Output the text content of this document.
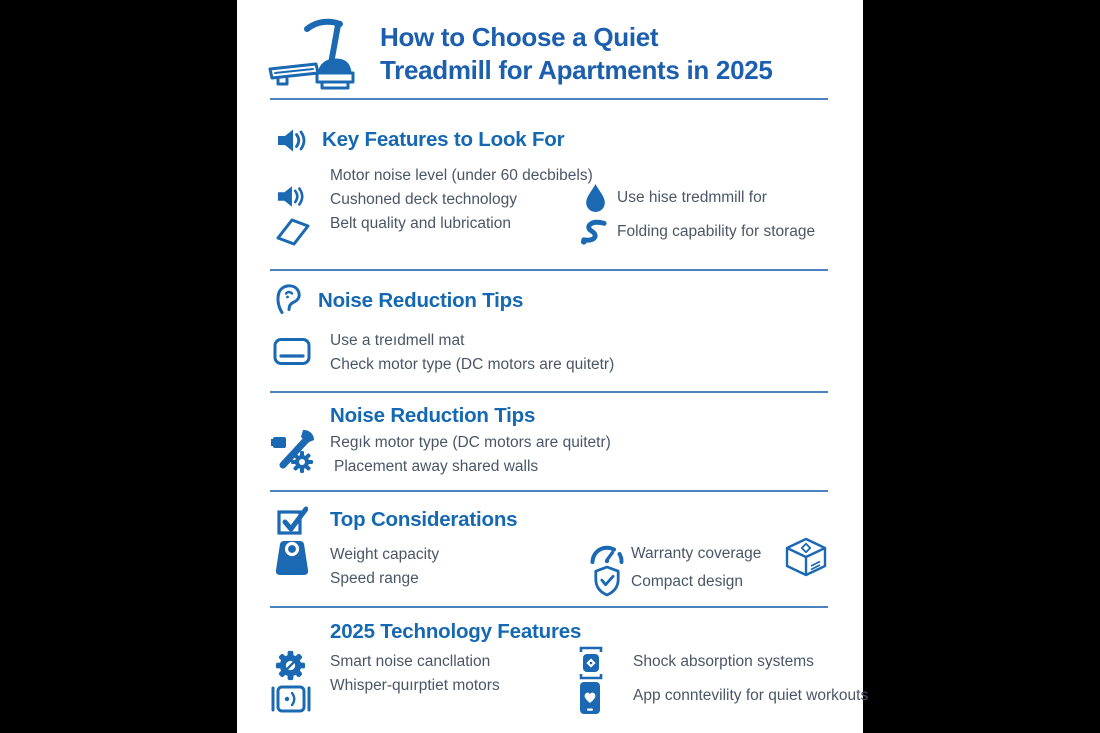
How to Choose a Quiet
Treadmill for Apartments in 2025
Key Features to Look For
Motor noise level (under 60 decbibels)
Cushoned deck technology
Belt quality and lubrication
Use hise tredmmill for
Folding capability for storage
Noise Reduction Tips
Use a treıdmell mat
Check motor type (DC motors are quitetr)
Noise Reduction Tips
Regık motor type (DC motors are quitetr)
Placement away shared walls
Top Considerations
Weight capacity
Speed range
Warranty coverage
Compact design
2025 Technology Features
Smart noise cancllation
Whisper-quırptiet motors
Shock absorption systems
App conntevility for quiet workouts
